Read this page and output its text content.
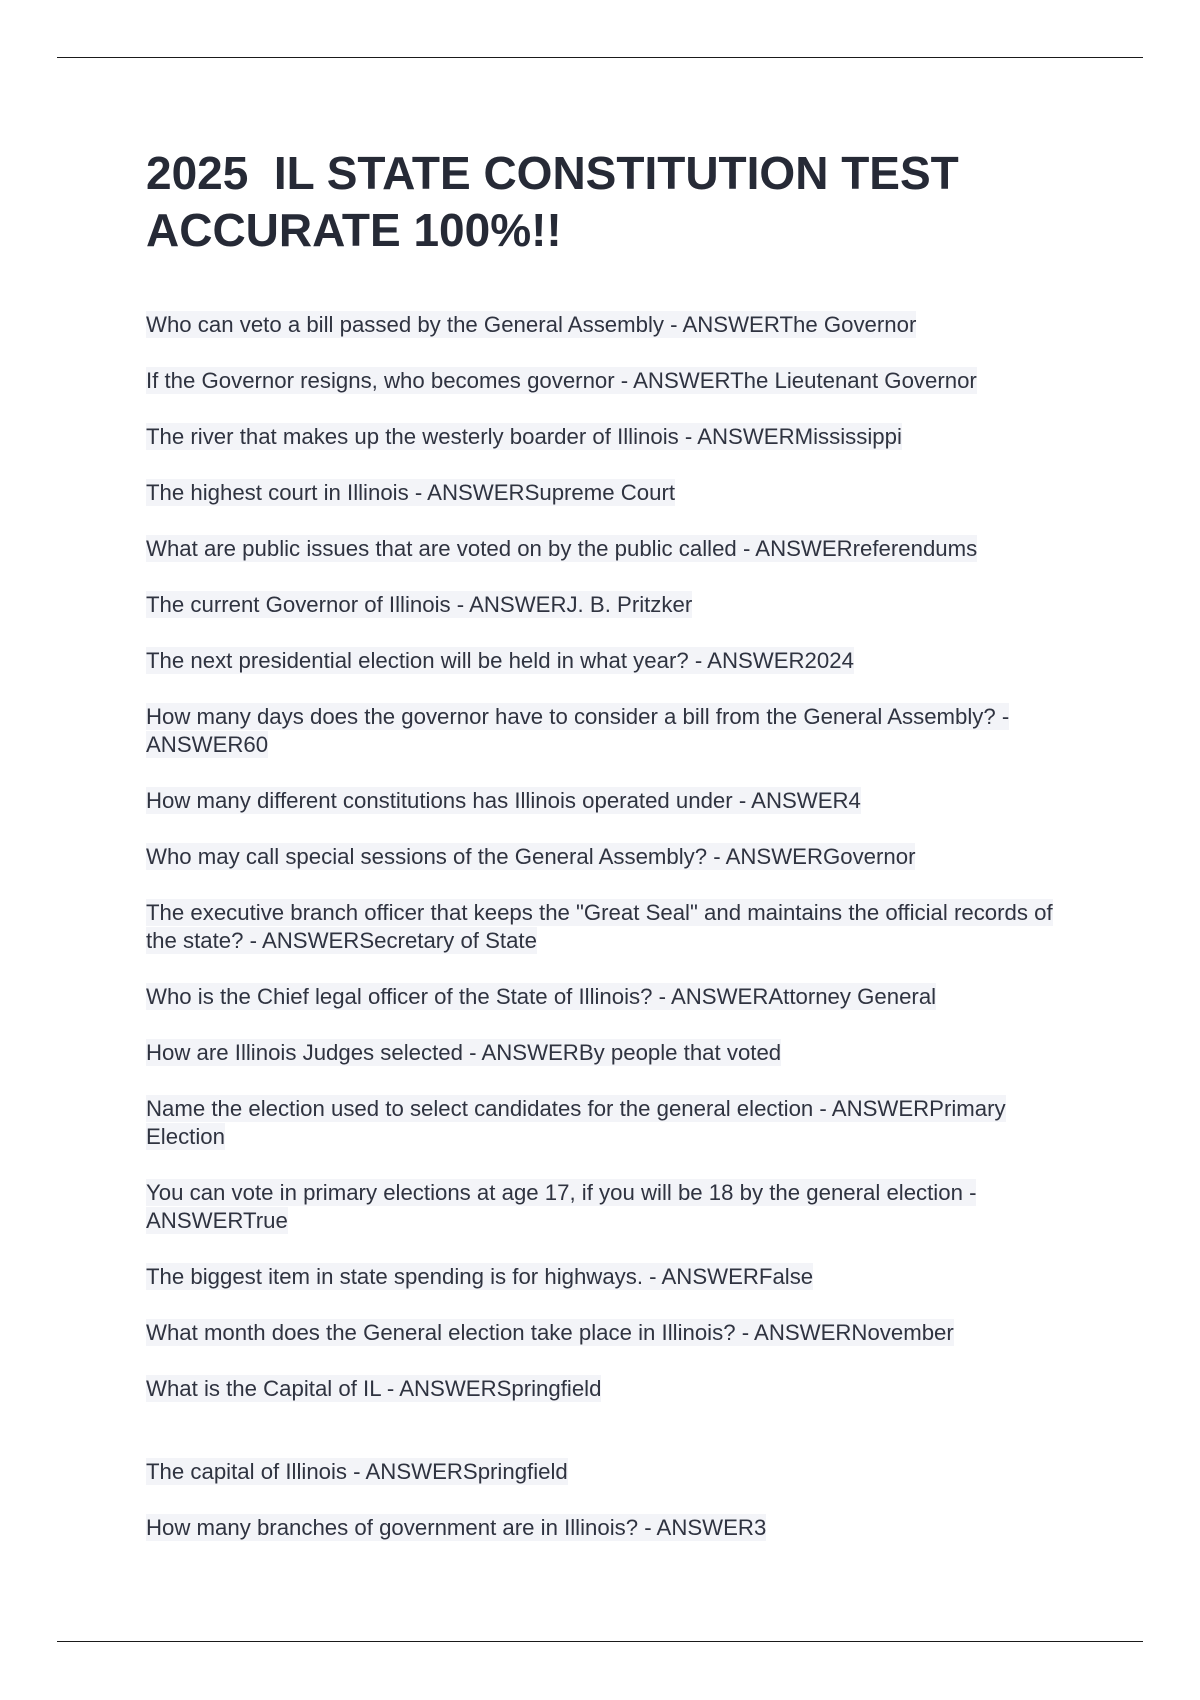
2025  IL STATE CONSTITUTION TEST ACCURATE 100%!!
Who can veto a bill passed by the General Assembly - ANSWERThe Governor
If the Governor resigns, who becomes governor - ANSWERThe Lieutenant Governor
The river that makes up the westerly boarder of Illinois - ANSWERMississippi
The highest court in Illinois - ANSWERSupreme Court
What are public issues that are voted on by the public called - ANSWERreferendums
The current Governor of Illinois - ANSWERJ. B. Pritzker
The next presidential election will be held in what year? - ANSWER2024
How many days does the governor have to consider a bill from the General Assembly? - ANSWER60
How many different constitutions has Illinois operated under - ANSWER4
Who may call special sessions of the General Assembly? - ANSWERGovernor
The executive branch officer that keeps the "Great Seal" and maintains the official records of the state? - ANSWERSecretary of State
Who is the Chief legal officer of the State of Illinois? - ANSWERAttorney General
How are Illinois Judges selected - ANSWERBy people that voted
Name the election used to select candidates for the general election - ANSWERPrimary Election
You can vote in primary elections at age 17, if you will be 18 by the general election - ANSWERTrue
The biggest item in state spending is for highways. - ANSWERFalse
What month does the General election take place in Illinois? - ANSWERNovember
What is the Capital of IL - ANSWERSpringfield
The capital of Illinois - ANSWERSpringfield
How many branches of government are in Illinois? - ANSWER3
